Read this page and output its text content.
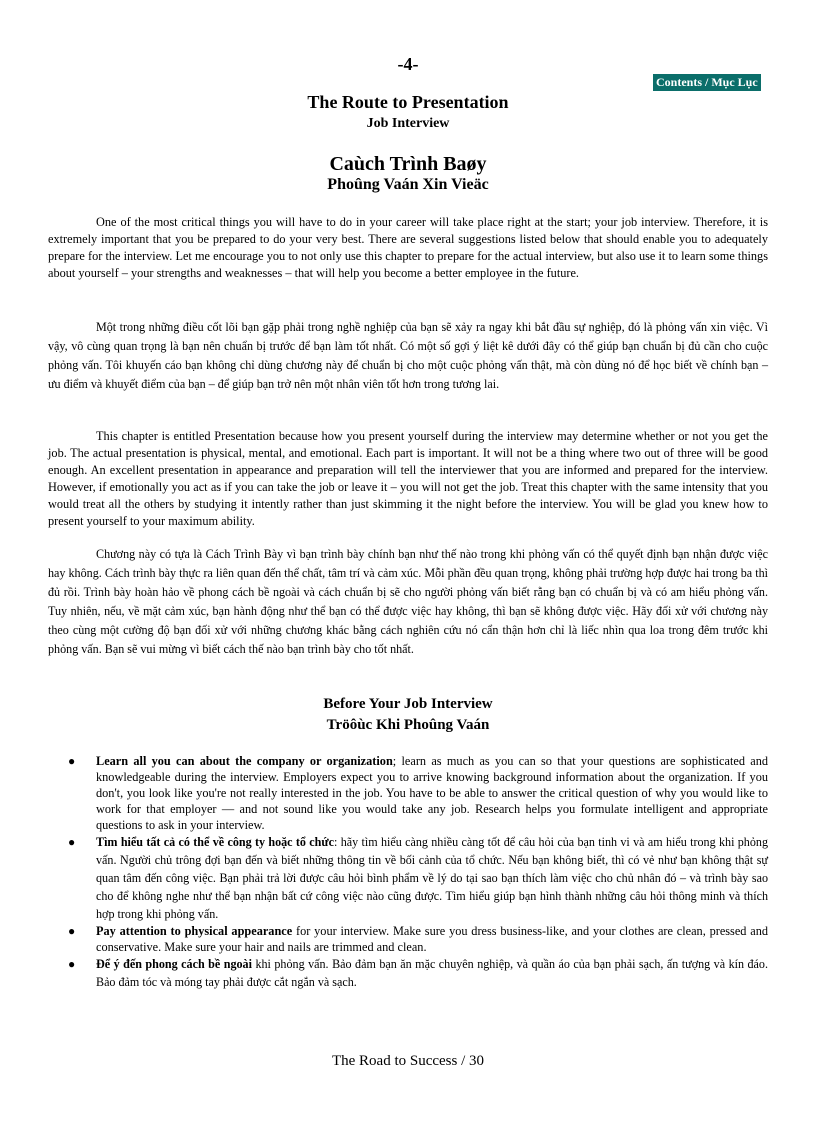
-4-
Contents / Mục Lục
The Route to Presentation
Job Interview
Caùch Trình Baøy
Phoûng Vaán Xin Vieäc

One of the most critical things you will have to do in your career will take place right at the start; your job interview. Therefore, it is extremely important that you be prepared to do your very best. There are several suggestions listed below that should enable you to adequately prepare for the interview. Let me encourage you to not only use this chapter to prepare for the actual interview, but also use it to learn some things about yourself – your strengths and weaknesses – that will help you become a better employee in the future.

Một trong những điều cốt lõi bạn gặp phải trong nghề nghiệp của bạn sẽ xảy ra ngay khi bắt đầu sự nghiệp, đó là phỏng vấn xin việc. Vì vậy, vô cùng quan trọng là bạn nên chuẩn bị trước để bạn làm tốt nhất. Có một số gợi ý liệt kê dưới đây có thể giúp bạn chuẩn bị đủ cần cho cuộc phỏng vấn. Tôi khuyến cáo bạn không chỉ dùng chương này để chuẩn bị cho một cuộc phỏng vấn thật, mà còn dùng nó để học biết về chính bạn – ưu điểm và khuyết điểm của bạn – để giúp bạn trở nên một nhân viên tốt hơn trong tương lai.

This chapter is entitled Presentation because how you present yourself during the interview may determine whether or not you get the job. The actual presentation is physical, mental, and emotional. Each part is important. It will not be a thing where two out of three will be good enough. An excellent presentation in appearance and preparation will tell the interviewer that you are informed and prepared for the interview. However, if emotionally you act as if you can take the job or leave it – you will not get the job. Treat this chapter with the same intensity that you would treat all the others by studying it intently rather than just skimming it the night before the interview. You will be glad you knew how to present yourself to your maximum ability.

Chương này có tựa là Cách Trình Bày vì bạn trình bày chính bạn như thế nào trong khi phỏng vấn có thể quyết định bạn nhận được việc hay không. Cách trình bày thực ra liên quan đến thể chất, tâm trí và cảm xúc. Mỗi phần đều quan trọng, không phải trường hợp được hai trong ba thì đủ rồi. Trình bày hoàn hảo về phong cách bề ngoài và cách chuẩn bị sẽ cho người phỏng vấn biết rằng bạn có chuẩn bị và có am hiểu phỏng vấn. Tuy nhiên, nếu, về mặt cảm xúc, bạn hành động như thể bạn có thể được việc hay không, thì bạn sẽ không được việc. Hãy đối xử với chương này theo cùng một cường độ bạn đối xử với những chương khác bằng cách nghiên cứu nó cẩn thận hơn chỉ là liếc nhìn qua loa trong đêm trước khi phỏng vấn. Bạn sẽ vui mừng vì biết cách thế nào bạn trình bày cho tốt nhất.

Before Your Job Interview
Tröôùc Khi Phoûng Vaán
● Learn all you can about the company or organization; learn as much as you can so that your questions are sophisticated and knowledgeable during the interview. Employers expect you to arrive knowing background information about the organization. If you don't, you look like you're not really interested in the job. You have to be able to answer the critical question of why you would like to work for that employer — and not sound like you would take any job. Research helps you formulate intelligent and appropriate questions to ask in your interview.
● Tìm hiểu tất cả có thể về công ty hoặc tổ chức: hãy tìm hiểu càng nhiều càng tốt để câu hỏi của bạn tinh vi và am hiểu trong khi phỏng vấn. Người chủ trông đợi bạn đến và biết những thông tin về bối cảnh của tổ chức. Nếu bạn không biết, thì có vẻ như bạn không thật sự quan tâm đến công việc. Bạn phải trả lời được câu hỏi bình phẩm về lý do tại sao bạn thích làm việc cho chủ nhân đó – và trình bày sao cho để không nghe như thể bạn nhận bất cứ công việc nào cũng được. Tìm hiểu giúp bạn hình thành những câu hỏi thông minh và thích hợp trong khi phỏng vấn.
● Pay attention to physical appearance for your interview. Make sure you dress business-like, and your clothes are clean, pressed and conservative. Make sure your hair and nails are trimmed and clean.
● Để ý đến phong cách bề ngoài khi phỏng vấn. Bảo đảm bạn ăn mặc chuyên nghiệp, và quần áo của bạn phải sạch, ấn tượng và kín đáo. Bảo đảm tóc và móng tay phải được cắt ngắn và sạch.
The Road to Success / 30
